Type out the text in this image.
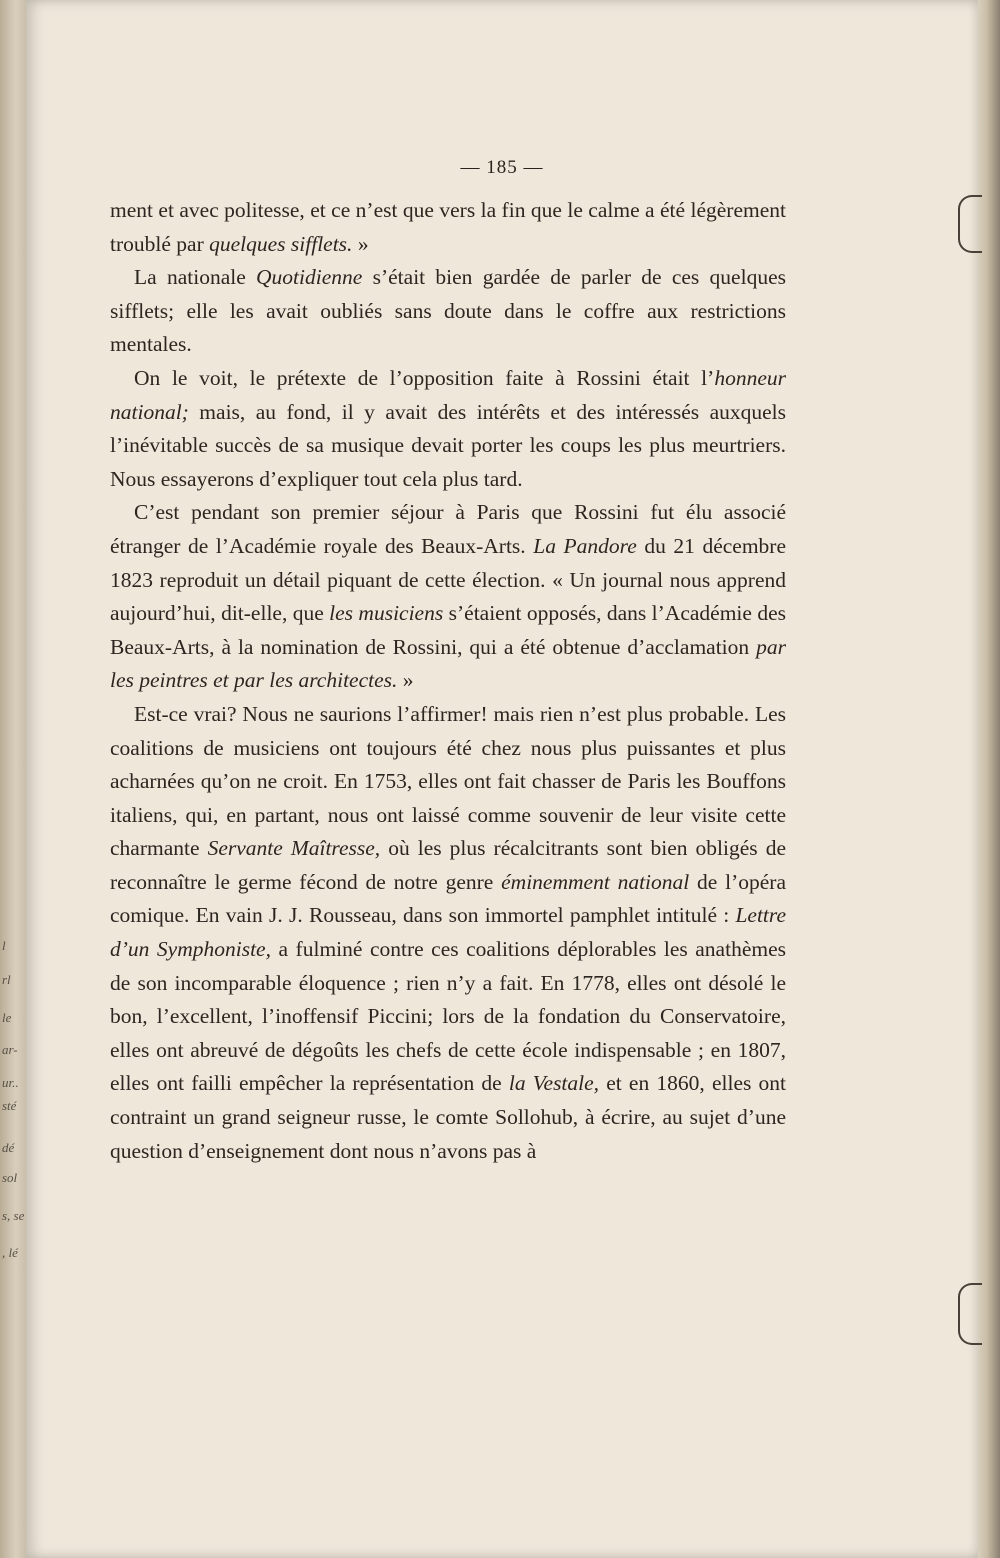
l
rl
le
ar-
ur..
sté
dé
sol
s, se
, lé
— 185 —

ment et avec politesse, et ce n’est que vers la fin que le calme a été légèrement troublé par quelques sifflets. »

La nationale Quotidienne s’était bien gardée de parler de ces quelques sifflets; elle les avait oubliés sans doute dans le coffre aux restrictions mentales.

On le voit, le prétexte de l’opposition faite à Rossini était l’honneur national; mais, au fond, il y avait des intérêts et des intéressés auxquels l’inévitable succès de sa musique devait porter les coups les plus meurtriers. Nous essayerons d’expliquer tout cela plus tard.

C’est pendant son premier séjour à Paris que Rossini fut élu associé étranger de l’Académie royale des Beaux-Arts. La Pandore du 21 décembre 1823 reproduit un détail piquant de cette élection. « Un journal nous apprend aujourd’hui, dit-elle, que les musiciens s’étaient opposés, dans l’Académie des Beaux-Arts, à la nomination de Rossini, qui a été obtenue d’acclamation par les peintres et par les architectes. »

Est-ce vrai? Nous ne saurions l’affirmer! mais rien n’est plus probable. Les coalitions de musiciens ont toujours été chez nous plus puissantes et plus acharnées qu’on ne croit. En 1753, elles ont fait chasser de Paris les Bouffons italiens, qui, en partant, nous ont laissé comme souvenir de leur visite cette charmante Servante Maîtresse, où les plus récalcitrants sont bien obligés de reconnaître le germe fécond de notre genre éminemment national de l’opéra comique. En vain J. J. Rousseau, dans son immortel pamphlet intitulé : Lettre d’un Symphoniste, a fulminé contre ces coalitions déplorables les anathèmes de son incomparable éloquence ; rien n’y a fait. En 1778, elles ont désolé le bon, l’excellent, l’inoffensif Piccini; lors de la fondation du Conservatoire, elles ont abreuvé de dégoûts les chefs de cette école indispensable ; en 1807, elles ont failli empêcher la représentation de la Vestale, et en 1860, elles ont contraint un grand seigneur russe, le comte Sollohub, à écrire, au sujet d’une question d’enseignement dont nous n’avons pas à
